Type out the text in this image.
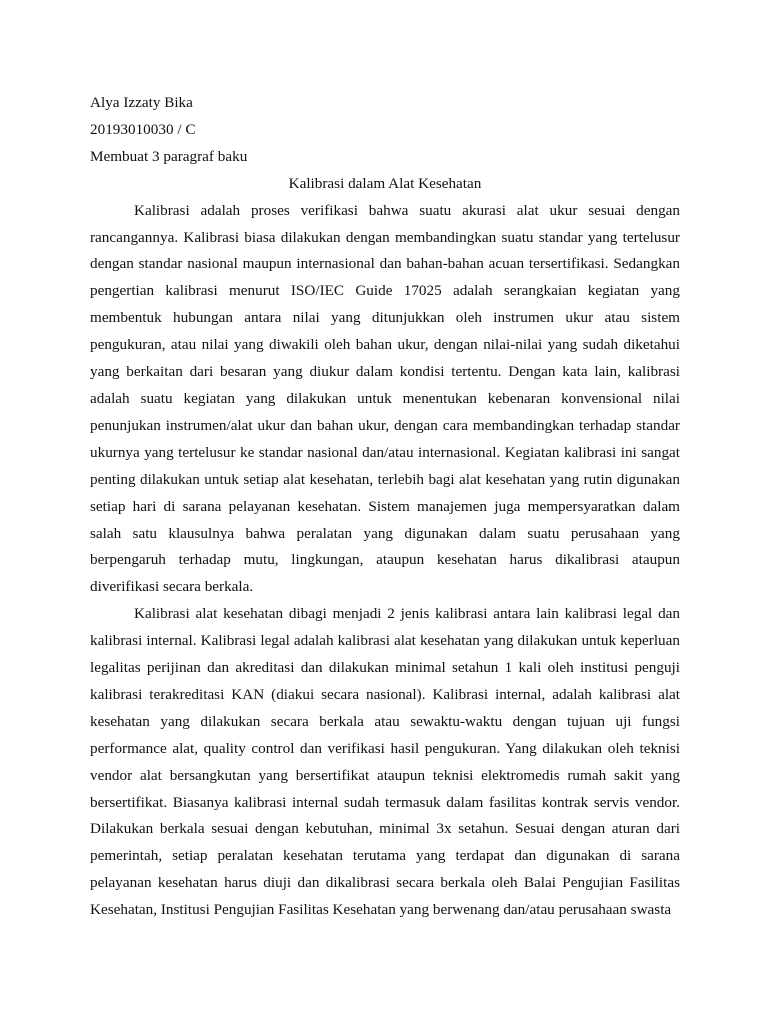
Alya Izzaty Bika

20193010030 / C

Membuat 3 paragraf baku

Kalibrasi dalam Alat Kesehatan

Kalibrasi adalah proses verifikasi bahwa suatu akurasi alat ukur sesuai dengan rancangannya. Kalibrasi biasa dilakukan dengan membandingkan suatu standar yang tertelusur dengan standar nasional maupun internasional dan bahan-bahan acuan tersertifikasi. Sedangkan pengertian kalibrasi menurut ISO/IEC Guide 17025 adalah serangkaian kegiatan yang membentuk hubungan antara nilai yang ditunjukkan oleh instrumen ukur atau sistem pengukuran, atau nilai yang diwakili oleh bahan ukur, dengan nilai-nilai yang sudah diketahui yang berkaitan dari besaran yang diukur dalam kondisi tertentu. Dengan kata lain, kalibrasi adalah suatu kegiatan yang dilakukan untuk menentukan kebenaran konvensional nilai penunjukan instrumen/alat ukur dan bahan ukur, dengan cara membandingkan terhadap standar ukurnya yang tertelusur ke standar nasional dan/atau internasional. Kegiatan kalibrasi ini sangat penting dilakukan untuk setiap alat kesehatan, terlebih bagi alat kesehatan yang rutin digunakan setiap hari di sarana pelayanan kesehatan. Sistem manajemen juga mempersyaratkan dalam salah satu klausulnya bahwa peralatan yang digunakan dalam suatu perusahaan yang berpengaruh terhadap mutu, lingkungan, ataupun kesehatan harus dikalibrasi ataupun diverifikasi secara berkala.

Kalibrasi alat kesehatan dibagi menjadi 2 jenis kalibrasi antara lain kalibrasi legal dan kalibrasi internal. Kalibrasi legal adalah kalibrasi alat kesehatan yang dilakukan untuk keperluan legalitas perijinan dan akreditasi dan dilakukan minimal setahun 1 kali oleh institusi penguji kalibrasi terakreditasi KAN (diakui secara nasional). Kalibrasi internal, adalah kalibrasi alat kesehatan yang dilakukan secara berkala atau sewaktu-waktu dengan tujuan uji fungsi performance alat, quality control dan verifikasi hasil pengukuran. Yang dilakukan oleh teknisi vendor alat bersangkutan yang bersertifikat ataupun teknisi elektromedis rumah sakit yang bersertifikat. Biasanya kalibrasi internal sudah termasuk dalam fasilitas kontrak servis vendor. Dilakukan berkala sesuai dengan kebutuhan, minimal 3x setahun. Sesuai dengan aturan dari pemerintah, setiap peralatan kesehatan terutama yang terdapat dan digunakan di sarana pelayanan kesehatan harus diuji dan dikalibrasi secara berkala oleh Balai Pengujian Fasilitas Kesehatan, Institusi Pengujian Fasilitas Kesehatan yang berwenang dan/atau perusahaan swasta
